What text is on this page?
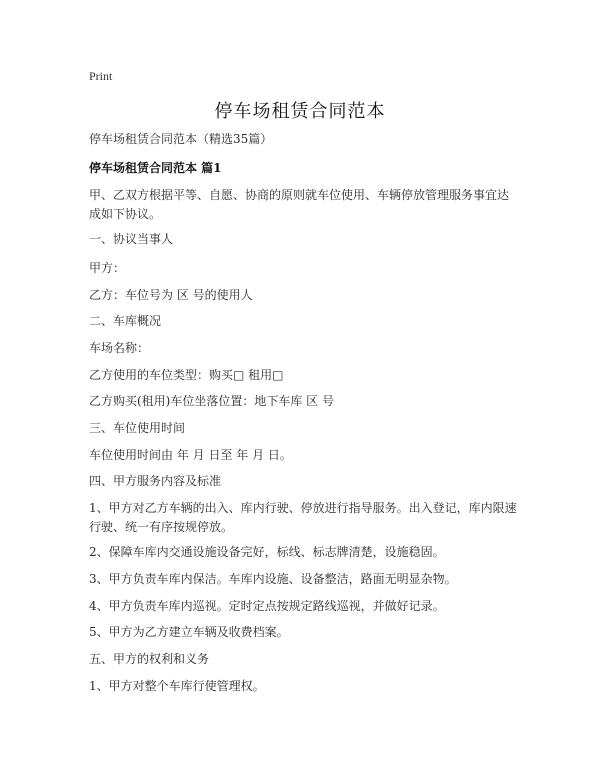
Print
停车场租赁合同范本

停车场租赁合同范本（精选35篇）

停车场租赁合同范本 篇1

甲、乙双方根据平等、自愿、协商的原则就车位使用、车辆停放管理服务事宜达成如下协议。

一、协议当事人

甲方：

乙方：车位号为 区 号的使用人

二、车库概况

车场名称：

乙方使用的车位类型：购买□ 租用□

乙方购买(租用)车位坐落位置：地下车库 区 号

三、车位使用时间

车位使用时间由 年 月 日至 年 月 日。

四、甲方服务内容及标准

1、甲方对乙方车辆的出入、库内行驶、停放进行指导服务。出入登记，库内限速行驶、统一有序按规停放。

2、保障车库内交通设施设备完好，标线、标志牌清楚，设施稳固。

3、甲方负责车库内保洁。车库内设施、设备整洁，路面无明显杂物。

4、甲方负责车库内巡视。定时定点按规定路线巡视，并做好记录。

5、甲方为乙方建立车辆及收费档案。

五、甲方的权利和义务

1、甲方对整个车库行使管理权。
